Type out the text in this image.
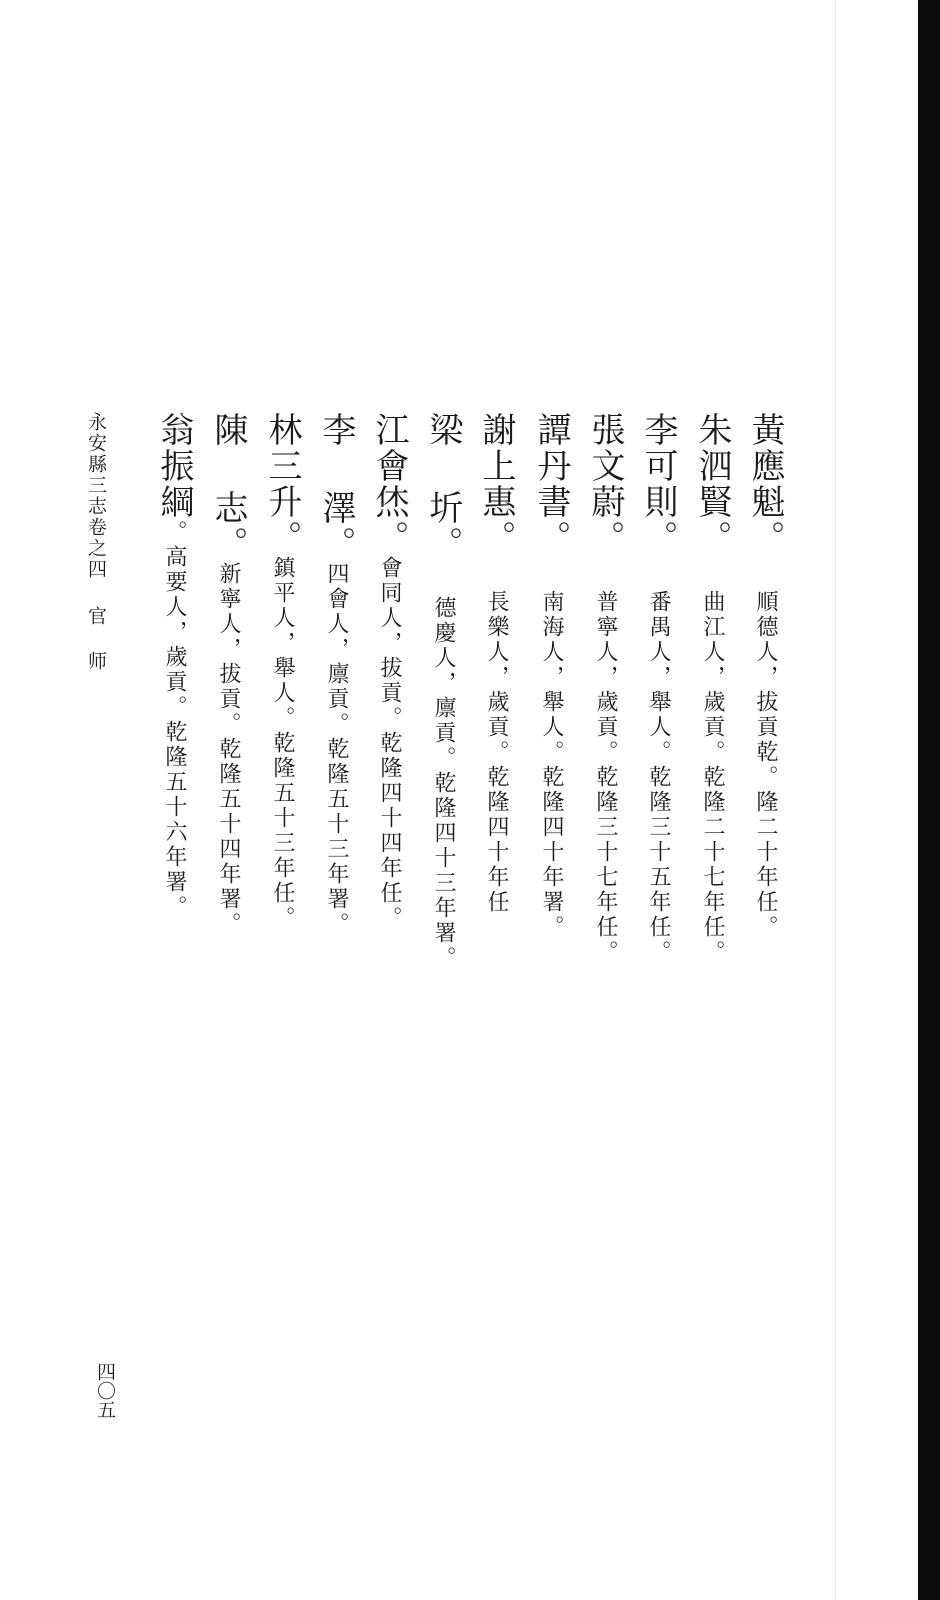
黃應魁。順德人，拔貢乾。隆二十年任。
朱泗賢。曲江人，歲貢。乾隆二十七年任。
李可則。番禺人，舉人。乾隆三十五年任。
張文蔚。普寧人，歲貢。乾隆三十七年任。
譚丹書。南海人，舉人。乾隆四十年署。
謝上惠。長樂人，歲貢。乾隆四十年任
梁 圻。德慶人，廪貢。乾隆四十三年署。
江會烋。會同人，拔貢。乾隆四十四年任。
李 澤。四會人，廪貢。乾隆五十三年署。
林三升。鎮平人，舉人。乾隆五十三年任。
陳 志。新寧人，拔貢。乾隆五十四年署。
翁振綱。高要人，歲貢。乾隆五十六年署。
永安縣三志卷之四官 师
四〇五
